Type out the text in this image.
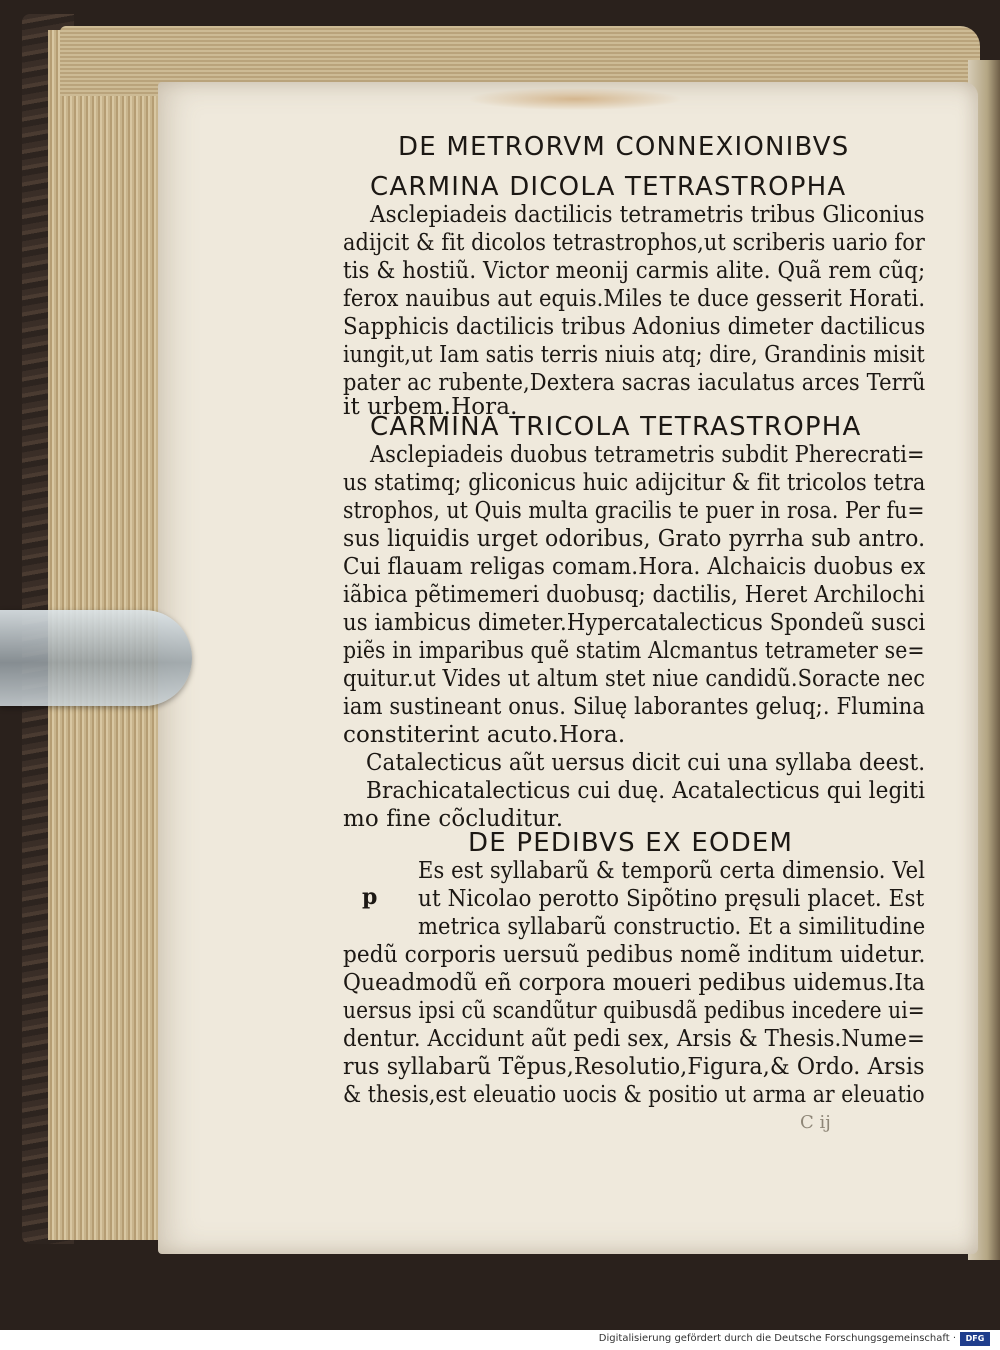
DE METRORVM CONNEXIONIBVS
CARMINA DICOLA TETRASTROPHA
Asclepiadeis dactilicis tetrametris tribus Gliconius
adijcit & fit dicolos tetrastrophos,ut scriberis uario for
tis & hostiũ. Victor meonij carmis alite. Quã rem cũq;
ferox nauibus aut equis.Miles te duce gesserit Horati.
Sapphicis dactilicis tribus Adonius dimeter dactilicus
iungit,ut Iam satis terris niuis atq; dire, Grandinis misit
pater ac rubente,Dextera sacras iaculatus arces Terrũ
it urbem.Hora.
CARMINA TRICOLA TETRASTROPHA
Asclepiadeis duobus tetrametris subdit Pherecrati=
us statimq; gliconicus huic adijcitur & fit tricolos tetra
strophos, ut Quis multa gracilis te puer in rosa. Per fu=
sus liquidis urget odoribus, Grato pyrrha sub antro.
Cui flauam religas comam.Hora. Alchaicis duobus ex
iãbica pẽtimemeri duobusq; dactilis, Heret Archilochi
us iambicus dimeter.Hypercatalecticus Spondeũ susci
piẽs in imparibus quẽ statim Alcmantus tetrameter se=
quitur.ut Vides ut altum stet niue candidũ.Soracte nec
iam sustineant onus. Siluę laborantes geluq;. Flumina
constiterint acuto.Hora.
Catalecticus aũt uersus dicit cui una syllaba deest.
Brachicatalecticus cui duę. Acatalecticus qui legiti
mo fine cõcluditur.
DE PEDIBVS EX EODEM
Es est syllabarũ & temporũ certa dimensio. Vel
p ut Nicolao perotto Sipõtino pręsuli placet. Est
metrica syllabarũ constructio. Et a similitudine
pedũ corporis uersuũ pedibus nomẽ inditum uidetur.
Queadmodũ eñ corpora moueri pedibus uidemus.Ita
uersus ipsi cũ scandũtur quibusdã pedibus incedere ui=
dentur. Accidunt aũt pedi sex, Arsis & Thesis.Nume=
rus syllabarũ Tẽpus,Resolutio,Figura,& Ordo. Arsis
& thesis,est eleuatio uocis & positio ut arma ar eleuatio
C ij
Digitalisierung gefördert durch die Deutsche Forschungsgemeinschaft ·	DFG
